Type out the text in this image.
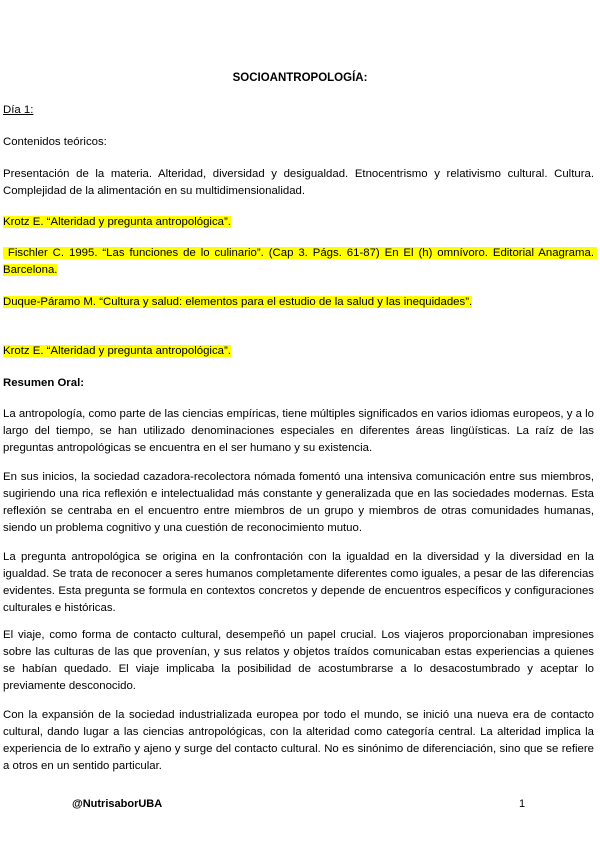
SOCIOANTROPOLOGÍA:

Día 1:

Contenidos teóricos:

Presentación de la materia. Alteridad, diversidad y desigualdad. Etnocentrismo y relativismo cultural. Cultura. Complejidad de la alimentación en su multidimensionalidad.

Krotz E. “Alteridad y pregunta antropológica”.

Fischler C. 1995. “Las funciones de lo culinario”. (Cap 3. Págs. 61-87) En El (h) omnívoro. Editorial Anagrama. Barcelona.

Duque-Páramo M. “Cultura y salud: elementos para el estudio de la salud y las inequidades”.

Krotz E. “Alteridad y pregunta antropológica”.

Resumen Oral:

La antropología, como parte de las ciencias empíricas, tiene múltiples significados en varios idiomas europeos, y a lo largo del tiempo, se han utilizado denominaciones especiales en diferentes áreas lingüísticas. La raíz de las preguntas antropológicas se encuentra en el ser humano y su existencia.

En sus inicios, la sociedad cazadora-recolectora nómada fomentó una intensiva comunicación entre sus miembros, sugiriendo una rica reflexión e intelectualidad más constante y generalizada que en las sociedades modernas. Esta reflexión se centraba en el encuentro entre miembros de un grupo y miembros de otras comunidades humanas, siendo un problema cognitivo y una cuestión de reconocimiento mutuo.

La pregunta antropológica se origina en la confrontación con la igualdad en la diversidad y la diversidad en la igualdad. Se trata de reconocer a seres humanos completamente diferentes como iguales, a pesar de las diferencias evidentes. Esta pregunta se formula en contextos concretos y depende de encuentros específicos y configuraciones culturales e históricas.

El viaje, como forma de contacto cultural, desempeñó un papel crucial. Los viajeros proporcionaban impresiones sobre las culturas de las que provenían, y sus relatos y objetos traídos comunicaban estas experiencias a quienes se habían quedado. El viaje implicaba la posibilidad de acostumbrarse a lo desacostumbrado y aceptar lo previamente desconocido.

Con la expansión de la sociedad industrializada europea por todo el mundo, se inició una nueva era de contacto cultural, dando lugar a las ciencias antropológicas, con la alteridad como categoría central. La alteridad implica la experiencia de lo extraño y ajeno y surge del contacto cultural. No es sinónimo de diferenciación, sino que se refiere a otros en un sentido particular.

@NutrisaborUBA	1
